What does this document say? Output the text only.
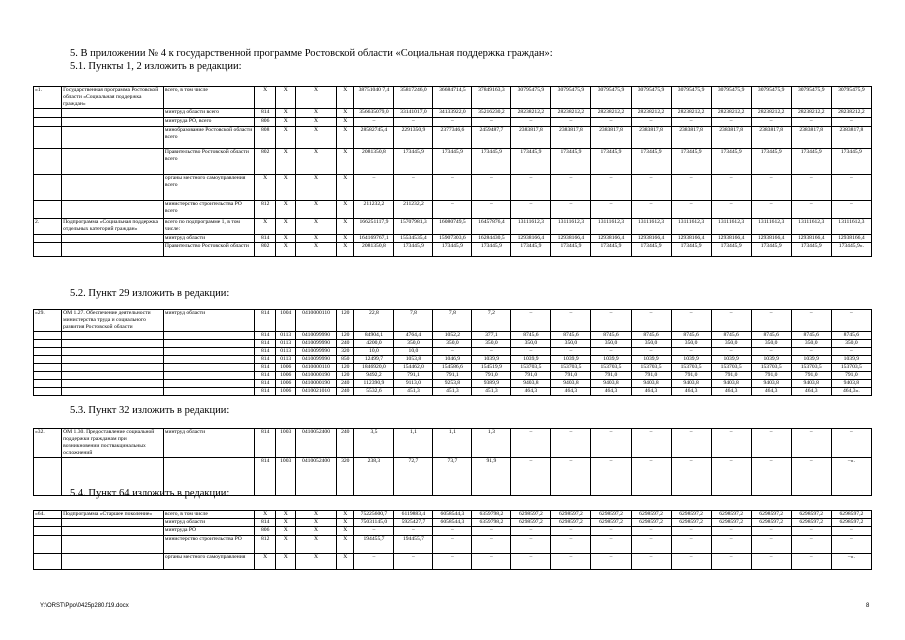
5. В приложении № 4 к государственной программе Ростовской области «Социальная поддержка граждан»:
5.1. Пункты 1, 2 изложить в редакции:
«1.	Государственная программа Ростовской области «Социальная поддержка граждан»	всего, в том числе	X	X	X	X	38751040 7,4	35817246,0	36684714,5	37849163,3	30795475,9	30795475,9	30795475,9	30795475,9	30795475,9	30795475,9	30795475,9	30795475,9	30795475,9
		минтруд области всего	814	X	X	X	356635079,0	33141017,0	34133922,0	35216230,2	28238212,2	28238212,2	28238212,2	28238212,2	28238212,2	28238212,2	28238212,2	28238212,2	28238212,2
		минтруда РО, всего	806	X	X	X	–	–	–	–	–	–	–	–	–	–	–	–	–
		минобразование Ростовской области всего	808	X	X	X	28582745,4	2291350,9	2377346,6	2459487,7	2383817,8	2383817,8	2383817,8	2383817,8	2383817,8	2383817,8	2383817,8	2383817,8	2383817,8
		Правительство Ростовской области всего	802	X	X	X	2081350,8	173445,9	173445,9	173445,9	173445,9	173445,9	173445,9	173445,9	173445,9	173445,9	173445,9	173445,9	173445,9
		органы местного самоуправления всего	X	X	X	X	–	–	–	–	–	–	–	–	–	–	–	–	–
		министерство строительства РО всего	812	X	X	X	211232,2	211232,2	–	–	–	–	–	–	–	–	–	–	–
2.	Подпрограмма «Социальная поддержка отдельных категорий граждан»	всего по подпрограмме 1, в том числе:	X	X	X	X	166251117,9	15707981,3	16080749,5	16457876,4	13111612,3	13111612,3	13111612,3	13111612,3	13111612,3	13111612,3	13111612,3	13111612,3	13111612,3
		минтруд области	814	X	X	X	164169767,1	15534535,4	15907303,6	16284430,5	12938166,4	12938166,4	12938166,4	12938166,4	12938166,4	12938166,4	12938166,4	12938166,4	12938166,4
		Правительство Ростовской области	802	X	X	X	2081350,8	173445,9	173445,9	173445,9	173445,9	173445,9	173445,9	173445,9	173445,9	173445,9	173445,9	173445,9	173445,9».
5.2. Пункт 29 изложить в редакции:
«29.	ОМ 1.27. Обеспечение деятельности министерства труда и социального развития Ростовской области	минтруд области	814	1004	0410000110	120	22,8	7,8	7,8	7,2	–	–	–	–	–	–	–	–	–
			814	0113	0410099990	120	84904,1	4764,4	1052,2	377,1	8745,6	8745,6	8745,6	8745,6	8745,6	8745,6	8745,6	8745,6	8745,6
			814	0113	0410099990	240	4200,0	350,0	350,0	350,0	350,0	350,0	350,0	350,0	350,0	350,0	350,0	350,0	350,0
			814	0113	0410099990	320	10,0	10,0	–	–	–	–	–	–	–	–	–	–	–
			814	0113	0410099990	850	12499,7	1053,8	1046,9	1039,9	1039,9	1039,9	1039,9	1039,9	1039,9	1039,9	1039,9	1039,9	1039,9
			814	1006	0410000110	120	1846920,0	154462,0	154586,6	154519,9	153703,5	153703,5	153703,5	153703,5	153703,5	153703,5	153703,5	153703,5	153703,5
			814	1006	0410000190	120	9492,2	791,1	791,1	791,0	791,0	791,0	791,0	791,0	791,0	791,0	791,0	791,0	791,0
			814	1006	0410000190	240	112390,9	9113,0	9253,8	9389,9	9403,8	9403,8	9403,8	9403,8	9403,8	9403,8	9403,8	9403,8	9403,8
			814	1006	0410021010	240	5532,6	451,3	451,3	451,3	464,3	464,3	464,3	464,3	464,3	464,3	464,3	464,3	464,3».
5.3. Пункт 32 изложить в редакции:
«32.	ОМ 1.30. Предоставление социальной поддержки гражданам при возникновении поствакцинальных осложнений	минтруд области	814	1003	0410052400	240	3,5	1,1	1,1	1,3	–	–	–	–	–	–	–	–	–
			814	1003	0410052400	320	238,3	72,7	73,7	91,9	–	–	–	–	–	–	–	–	–».
5.4. Пункт 64 изложить в редакции:
«64.	Подпрограмма «Старшее поколение»	всего, в том числе	X	X	X	X	75225600,7	6119883,4	6058544,3	6359798,2	6298597,2	6298597,2	6298597,2	6298597,2	6298597,2	6298597,2	6298597,2	6298597,2	6298597,2
		минтруд области	814	X	X	X	75031145,0	5925427,7	6058544,3	6359798,2	6298597,2	6298597,2	6298597,2	6298597,2	6298597,2	6298597,2	6298597,2	6298597,2	6298597,2
		минтруда РО	806	X	X	X	–	–	–	–	–	–	–	–	–	–	–	–	–
		министерство строительства РО	812	X	X	X	194455,7	194455,7	–	–	–	–	–	–	–	–	–	–	–
		органы местного самоуправления	X	X	X	X	–	–	–	–	–	–	–	–	–	–	–	–	–».
Y:\ORST\Ppo\0425p280.f19.docx	8
